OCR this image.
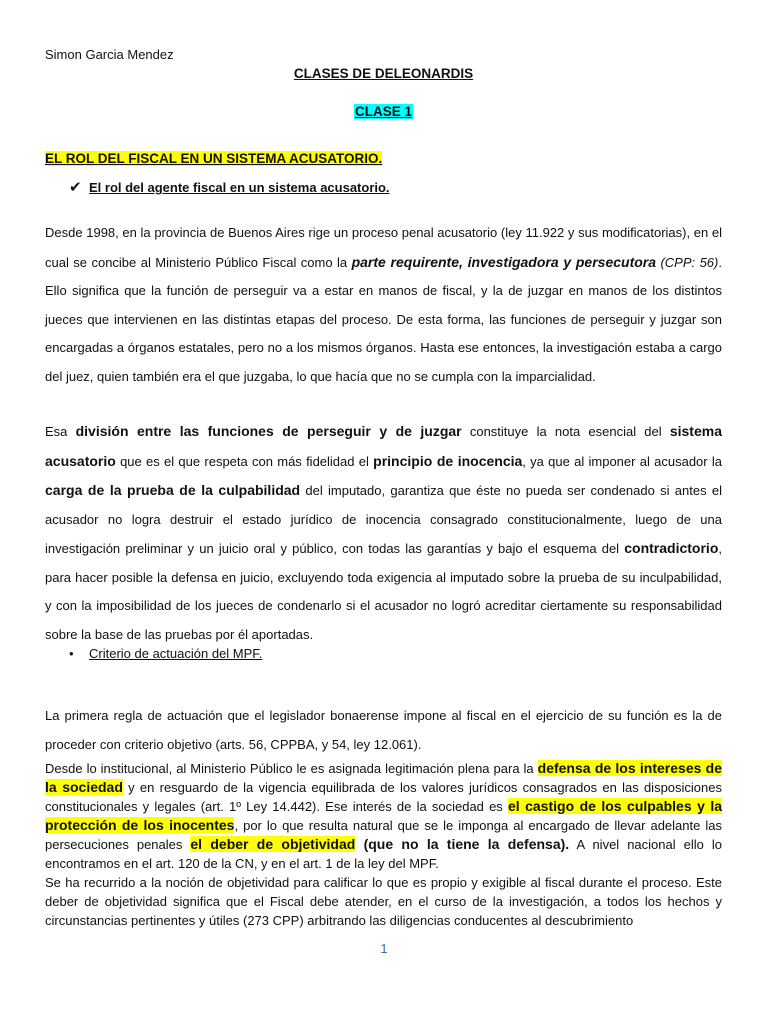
Simon Garcia Mendez
CLASES DE DELEONARDIS
CLASE 1
EL ROL DEL FISCAL EN UN SISTEMA ACUSATORIO.
✔ El rol del agente fiscal en un sistema acusatorio.
Desde 1998, en la provincia de Buenos Aires rige un proceso penal acusatorio (ley 11.922 y sus modificatorias), en el cual se concibe al Ministerio Público Fiscal como la parte requirente, investigadora y persecutora (CPP: 56). Ello significa que la función de perseguir va a estar en manos de fiscal, y la de juzgar en manos de los distintos jueces que intervienen en las distintas etapas del proceso. De esta forma, las funciones de perseguir y juzgar son encargadas a órganos estatales, pero no a los mismos órganos. Hasta ese entonces, la investigación estaba a cargo del juez, quien también era el que juzgaba, lo que hacía que no se cumpla con la imparcialidad.
Esa división entre las funciones de perseguir y de juzgar constituye la nota esencial del sistema acusatorio que es el que respeta con más fidelidad el principio de inocencia, ya que al imponer al acusador la carga de la prueba de la culpabilidad del imputado, garantiza que éste no pueda ser condenado si antes el acusador no logra destruir el estado jurídico de inocencia consagrado constitucionalmente, luego de una investigación preliminar y un juicio oral y público, con todas las garantías y bajo el esquema del contradictorio, para hacer posible la defensa en juicio, excluyendo toda exigencia al imputado sobre la prueba de su inculpabilidad, y con la imposibilidad de los jueces de condenarlo si el acusador no logró acreditar ciertamente su responsabilidad sobre la base de las pruebas por él aportadas.
• Criterio de actuación del MPF.
La primera regla de actuación que el legislador bonaerense impone al fiscal en el ejercicio de su función es la de proceder con criterio objetivo (arts. 56, CPPBA, y 54, ley 12.061).
Desde lo institucional, al Ministerio Público le es asignada legitimación plena para la defensa de los intereses de la sociedad y en resguardo de la vigencia equilibrada de los valores jurídicos consagrados en las disposiciones constitucionales y legales (art. 1º Ley 14.442). Ese interés de la sociedad es el castigo de los culpables y la protección de los inocentes, por lo que resulta natural que se le imponga al encargado de llevar adelante las persecuciones penales el deber de objetividad (que no la tiene la defensa). A nivel nacional ello lo encontramos en el art. 120 de la CN, y en el art. 1 de la ley del MPF.
Se ha recurrido a la noción de objetividad para calificar lo que es propio y exigible al fiscal durante el proceso. Este deber de objetividad significa que el Fiscal debe atender, en el curso de la investigación, a todos los hechos y circunstancias pertinentes y útiles (273 CPP) arbitrando las diligencias conducentes al descubrimiento
1
